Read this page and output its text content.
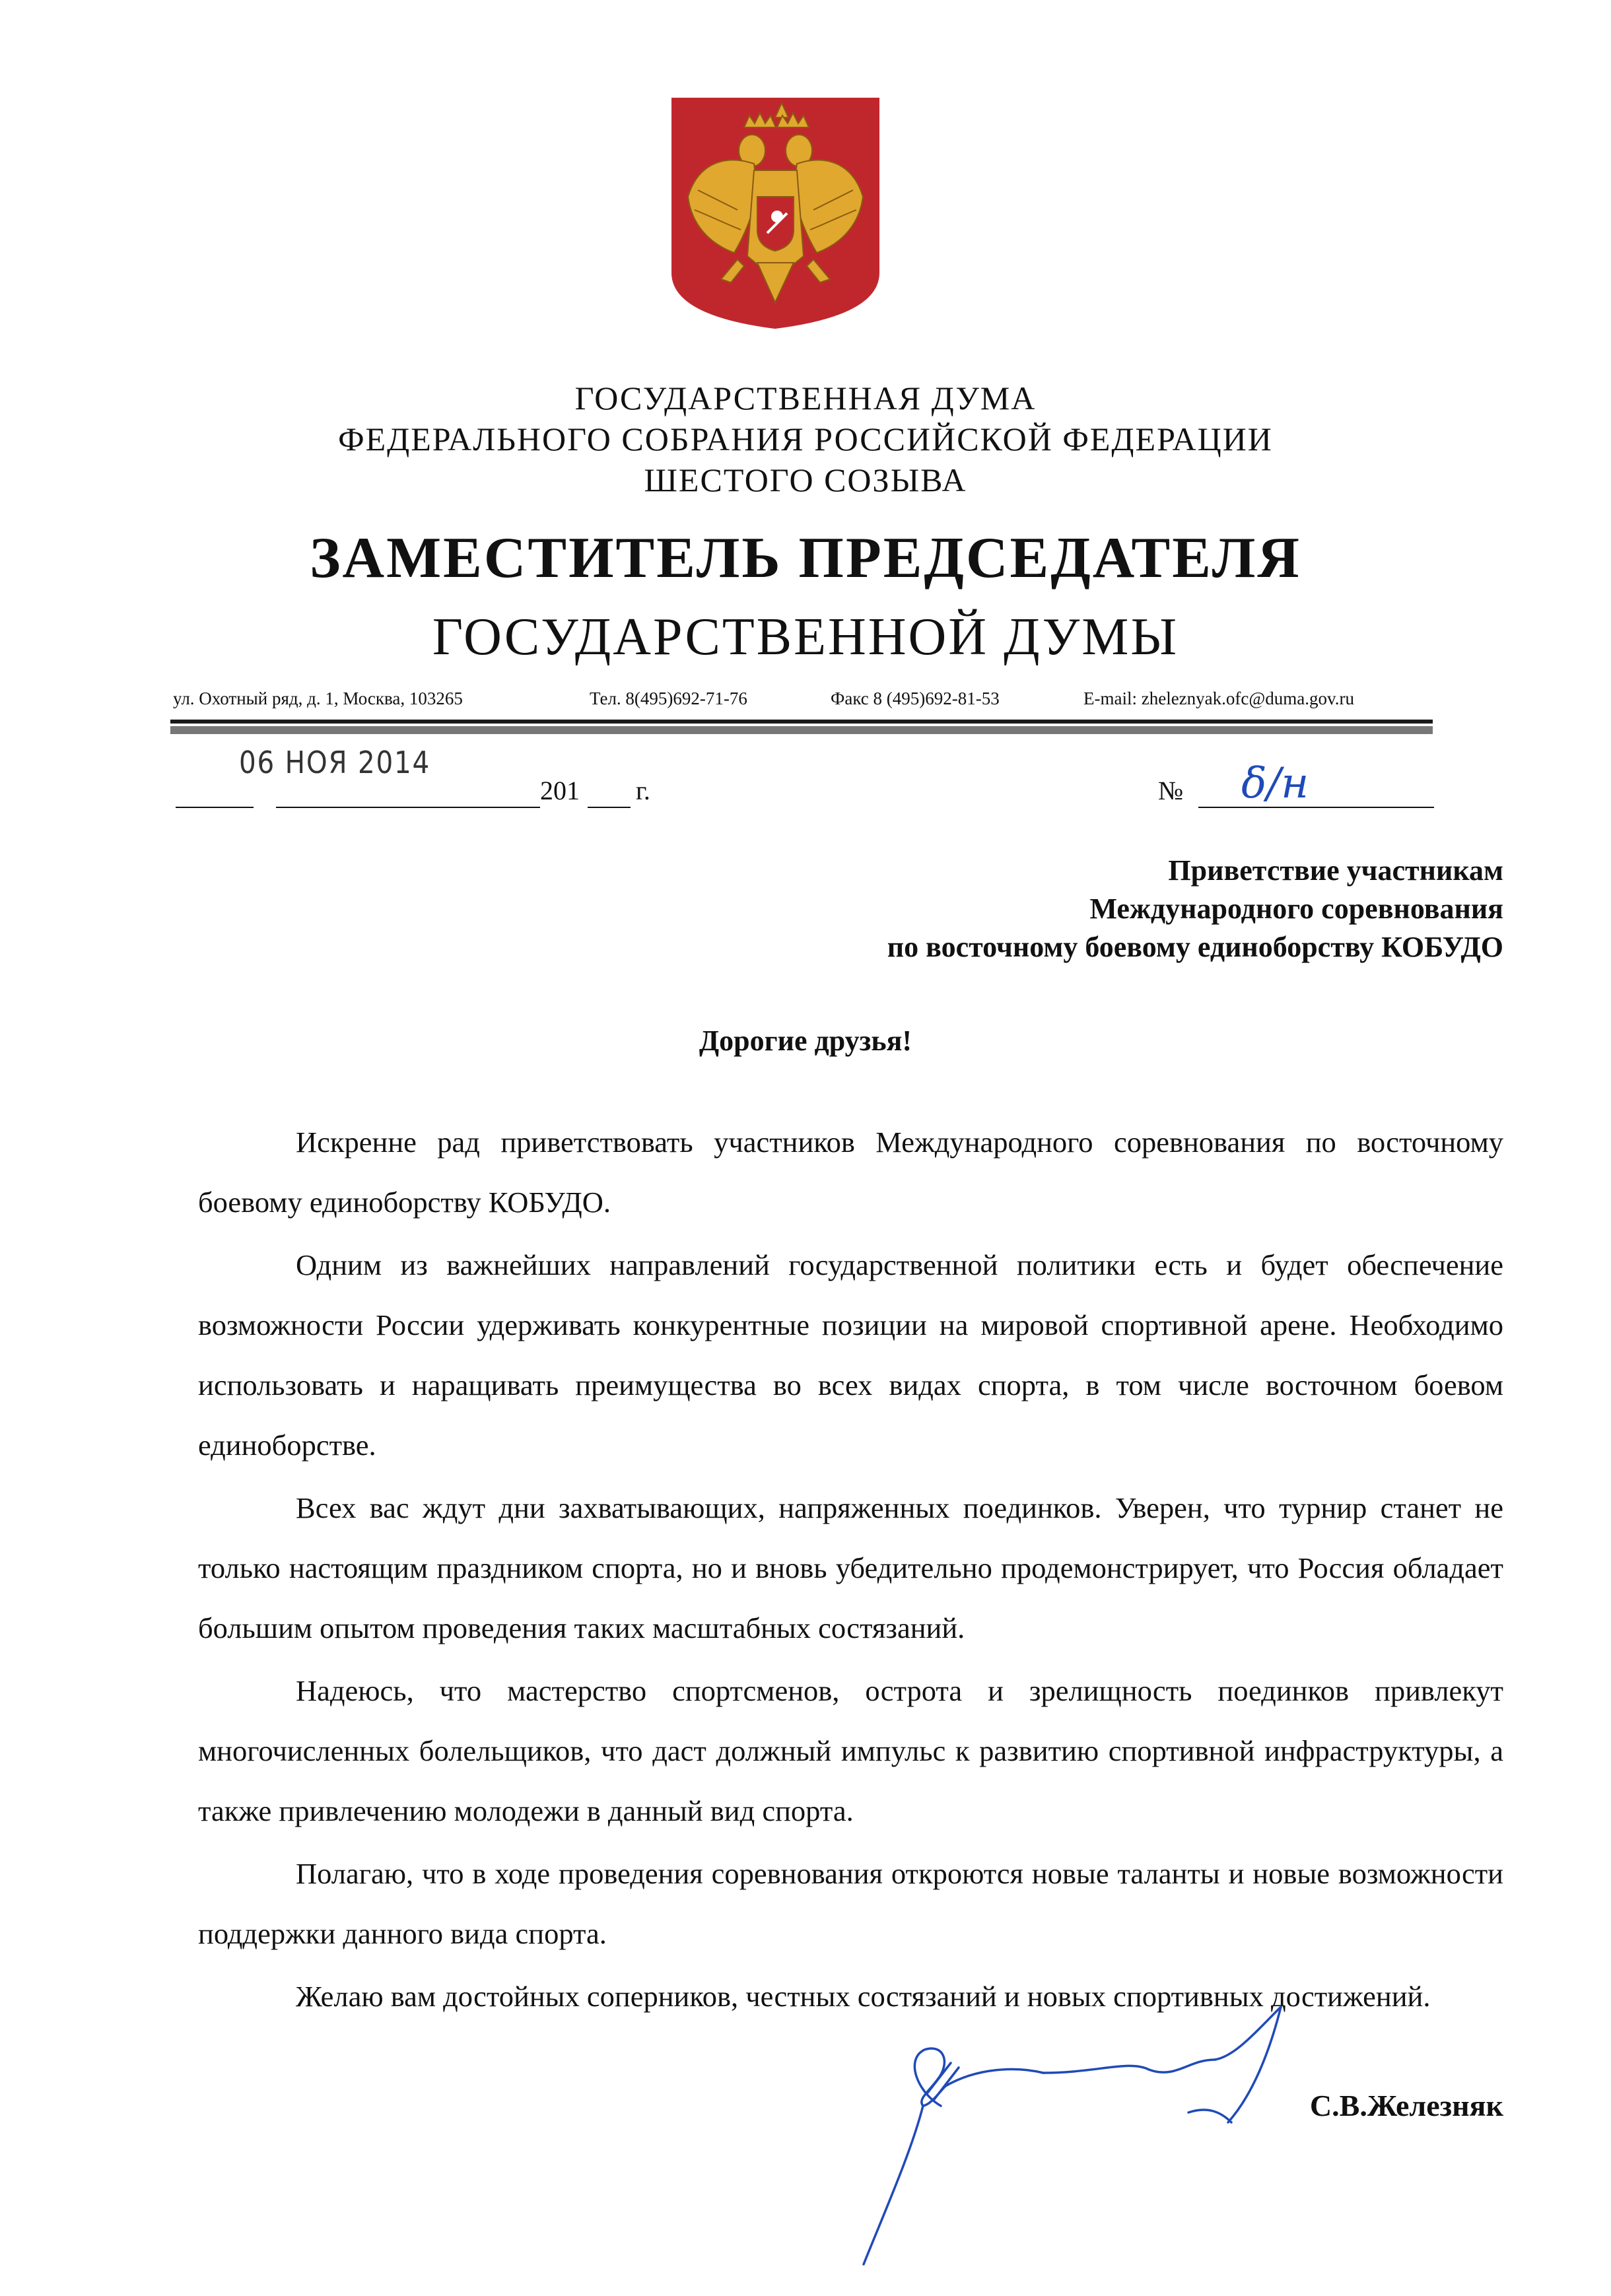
ГОСУДАРСТВЕННАЯ ДУМА
ФЕДЕРАЛЬНОГО СОБРАНИЯ РОССИЙСКОЙ ФЕДЕРАЦИИ
ШЕСТОГО СОЗЫВА
ЗАМЕСТИТЕЛЬ ПРЕДСЕДАТЕЛЯ
ГОСУДАРСТВЕННОЙ ДУМЫ
ул. Охотный ряд, д. 1, Москва, 103265	Тел. 8(495)692-71-76	Факс 8 (495)692-81-53	E-mail: zheleznyak.ofc@duma.gov.ru
06 НОЯ 2014
201 г.	№ δ/н
Приветствие участникам
Международного соревнования
по восточному боевому единоборству КОБУДО
Дорогие друзья!

Искренне рад приветствовать участников Международного соревнования по восточному боевому единоборству КОБУДО.

Одним из важнейших направлений государственной политики есть и будет обеспечение возможности России удерживать конкурентные позиции на мировой спортивной арене. Необходимо использовать и наращивать преимущества во всех видах спорта, в том числе восточном боевом единоборстве.

Всех вас ждут дни захватывающих, напряженных поединков. Уверен, что турнир станет не только настоящим праздником спорта, но и вновь убедительно продемонстрирует, что Россия обладает большим опытом проведения таких масштабных состязаний.

Надеюсь, что мастерство спортсменов, острота и зрелищность поединков привлекут многочисленных болельщиков, что даст должный импульс к развитию спортивной инфраструктуры, а также привлечению молодежи в данный вид спорта.

Полагаю, что в ходе проведения соревнования откроются новые таланты и новые возможности поддержки данного вида спорта.

Желаю вам достойных соперников, честных состязаний и новых спортивных достижений.

С.В.Железняк
